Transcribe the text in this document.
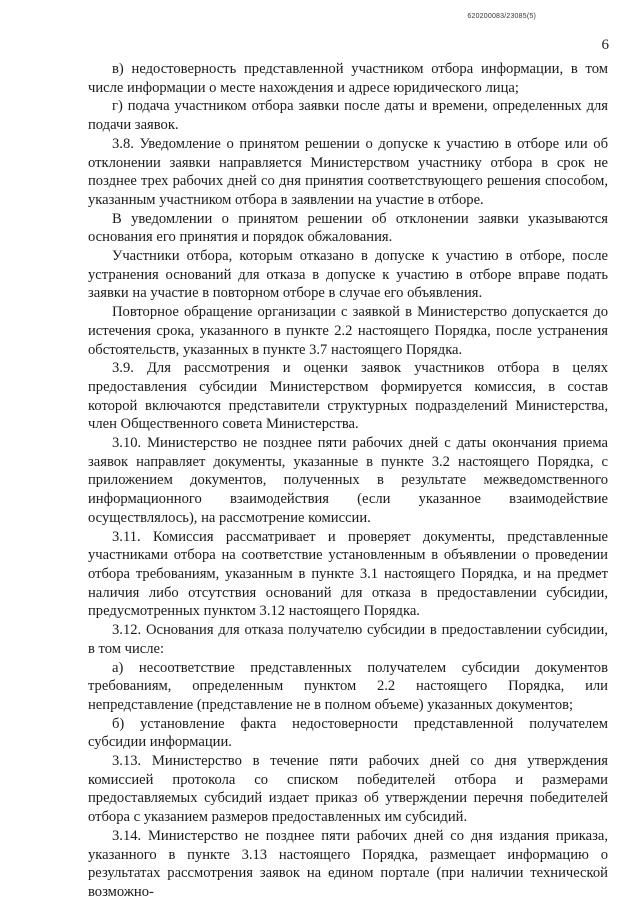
620200083/23085(5)
6

в) недостоверность представленной участником отбора информации, в том числе информации о месте нахождения и адресе юридического лица;

г) подача участником отбора заявки после даты и времени, определенных для подачи заявок.

3.8. Уведомление о принятом решении о допуске к участию в отборе или об отклонении заявки направляется Министерством участнику отбора в срок не позднее трех рабочих дней со дня принятия соответствующего решения способом, указанным участником отбора в заявлении на участие в отборе.

В уведомлении о принятом решении об отклонении заявки указываются основания его принятия и порядок обжалования.

Участники отбора, которым отказано в допуске к участию в отборе, после устранения оснований для отказа в допуске к участию в отборе вправе подать заявки на участие в повторном отборе в случае его объявления.

Повторное обращение организации с заявкой в Министерство допускается до истечения срока, указанного в пункте 2.2 настоящего Порядка, после устранения обстоятельств, указанных в пункте 3.7 настоящего Порядка.

3.9. Для рассмотрения и оценки заявок участников отбора в целях предоставления субсидии Министерством формируется комиссия, в состав которой включаются представители структурных подразделений Министерства, член Общественного совета Министерства.

3.10. Министерство не позднее пяти рабочих дней с даты окончания приема заявок направляет документы, указанные в пункте 3.2 настоящего Порядка, с приложением документов, полученных в результате межведомственного информационного взаимодействия (если указанное взаимодействие осуществлялось), на рассмотрение комиссии.

3.11. Комиссия рассматривает и проверяет документы, представленные участниками отбора на соответствие установленным в объявлении о проведении отбора требованиям, указанным в пункте 3.1 настоящего Порядка, и на предмет наличия либо отсутствия оснований для отказа в предоставлении субсидии, предусмотренных пунктом 3.12 настоящего Порядка.

3.12. Основания для отказа получателю субсидии в предоставлении субсидии, в том числе:

а) несоответствие представленных получателем субсидии документов требованиям, определенным пунктом 2.2 настоящего Порядка, или непредставление (представление не в полном объеме) указанных документов;

б) установление факта недостоверности представленной получателем субсидии информации.

3.13. Министерство в течение пяти рабочих дней со дня утверждения комиссией протокола со списком победителей отбора и размерами предоставляемых субсидий издает приказ об утверждении перечня победителей отбора с указанием размеров предоставленных им субсидий.

3.14. Министерство не позднее пяти рабочих дней со дня издания приказа, указанного в пункте 3.13 настоящего Порядка, размещает информацию о результатах рассмотрения заявок на едином портале (при наличии технической возможно-
